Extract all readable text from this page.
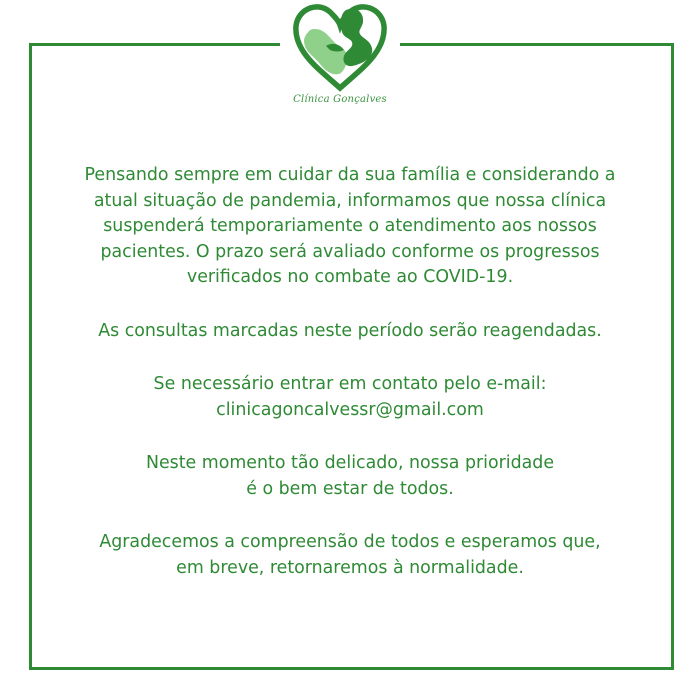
Clínica Gonçalves
Pensando sempre em cuidar da sua família e considerando a
atual situação de pandemia, informamos que nossa clínica
suspenderá temporariamente o atendimento aos nossos
pacientes. O prazo será avaliado conforme os progressos
verificados no combate ao COVID-19.
As consultas marcadas neste período serão reagendadas.
Se necessário entrar em contato pelo e-mail:
clinicagoncalvessr@gmail.com
Neste momento tão delicado, nossa prioridade
é o bem estar de todos.
Agradecemos a compreensão de todos e esperamos que,
em breve, retornaremos à normalidade.
